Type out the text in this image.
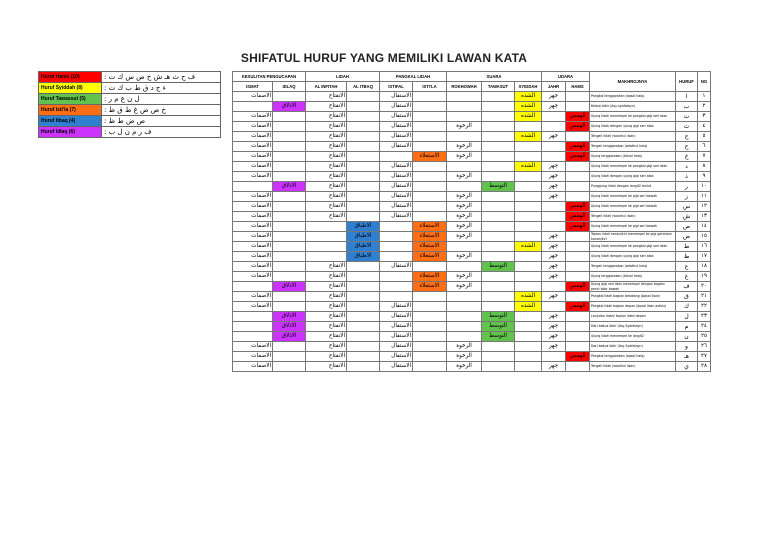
SHIFATUL HURUF YANG MEMILIKI LAWAN KATA
Huruf Hams (10)	: ف ح ث هـ ش خ ص س ك ت
Huruf Syiddah (8)	: ء ج د ق ط ب ك ت
Huruf Tawassut (5)	: ل ن ع م ر
Huruf Isti'la (7)	: خ ص ض غ ط ق ظ
Huruf Itbaq (4)	: ص ض ط ظ
Huruf Idlaq (6)	: ف ر م ن ل ب
KESULITAN PENGUCAPAN		LIDAH		PANGKAL LIDAH		SUARA			UDARA		MAKHROJNYA	HURUF	NO
ISMAT	IDLAQ	AL INFITAH	AL ITBAQ	ISTIFAL	ISTI'LA	ROKHOWAH	TAWASUT	SYIDDAH	JAHR	HAMS			
الاصمات		الانفتاح		الاستفال				الشده	جهر		Pangkal tenggorokan (aqsal halq)	ا	١
	الاذلاق	الانفتاح		الاستفال				الشده	جهر		Kedua bibir (Asy-syafatayn)	ب	٢
الاصمات		الانفتاح		الاستفال				الشده		الهمس	Ujung lidah menempel ke pangkal gigi seri atas	ت	٣
الاصمات		الانفتاح		الاستفال		الرخوة				الهمس	Ujung lidah dengan ujung gigi seri atas	ث	٤
الاصمات		الانفتاح		الاستفال				الشده	جهر		Tengah lidah (wasthul lisan)	ج	٥
الاصمات		الانفتاح		الاستفال		الرخوة				الهمس	Tengah tenggorokan (wasthul halq)	ح	٦
الاصمات		الانفتاح			الاستعلاء	الرخوة				الهمس	Ujung tenggorokan (Adnal halq)	خ	٧
الاصمات		الانفتاح		الاستفال				الشده	جهر		Ujung lidah menempel ke pangkal gigi seri atas	د	٨
الاصمات		الانفتاح		الاستفال		الرخوة			جهر		Ujung lidah dengan ujung gigi seri atas	ذ	٩
	الاذلاق	الانفتاح		الاستفال			التوسط		جهر		Punggung lidah dengan langit2 mulut	ر	١٠
الاصمات		الانفتاح		الاستفال		الرخوة			جهر		Ujung lidah menempel ke gigi seri bawah	ز	١١
الاصمات		الانفتاح		الاستفال		الرخوة				الهمس	Ujung lidah menempel ke gigi seri bawah	س	١٢
الاصمات		الانفتاح		الاستفال		الرخوة				الهمس	Tengah lidah (wasthul lisan)	ش	١٣
الاصمات			الاطباق		الاستعلاء	الرخوة				الهمس	Ujung lidah menempel ke gigi seri bawah	ص	١٤
الاصمات			الاطباق		الاستعلاء	الرخوة			جهر		Tepian lidah kanan/kiri menempel ke gigi geraham kanan/kiri	ض	١٥
الاصمات			الاطباق		الاستعلاء			الشده	جهر		Ujung lidah menempel ke pangkal gigi seri atas	ط	١٦
الاصمات			الاطباق		الاستعلاء	الرخوة			جهر		Ujung lidah dengan ujung gigi seri atas	ظ	١٧
الاصمات		الانفتاح		الاستفال			التوسط		جهر		Tengah tenggorokan (wasthul halq)	ع	١٨
الاصمات		الانفتاح			الاستعلاء	الرخوة			جهر		Ujung tenggorokan (Adnal halq)	غ	١٩
	الاذلاق	الانفتاح			الاستعلاء	الرخوة				الهمس	Ujung gigi seri atas menempel dengan bagian perut bibir bawah	ف	٢٠
الاصمات		الانفتاح						الشده	جهر		Pangkal lidah bagian belakang (Aqsal lisan)	ق	٢١
الاصمات		الانفتاح		الاستفال				الشده		الهمس	Pangkal lidah bagian depan (Aqsal lisan asfalu)	ك	٢٢
	الاذلاق	الانفتاح		الاستفال			التوسط		جهر		Lanjutan lidah/ tepian lidah depan	ل	٢٣
	الاذلاق	الانفتاح		الاستفال			التوسط		جهر		Dari kedua bibir (Asy-Syafatayn)	م	٢٤
	الاذلاق	الانفتاح		الاستفال			التوسط		جهر		Ujung lidah menempel ke langit2	ن	٢٥
الاصمات		الانفتاح		الاستفال		الرخوة			جهر		Dari kedua bibir (Asy-Syafatayn)	و	٢٦
الاصمات		الانفتاح		الاستفال		الرخوة				الهمس	Pangkal tenggorokan (aqsal halq)	هـ	٢٧
الاصمات		الانفتاح		الاستفال		الرخوة			جهر		Tengah lidah (wasthul lisan)	ي	٢٨
